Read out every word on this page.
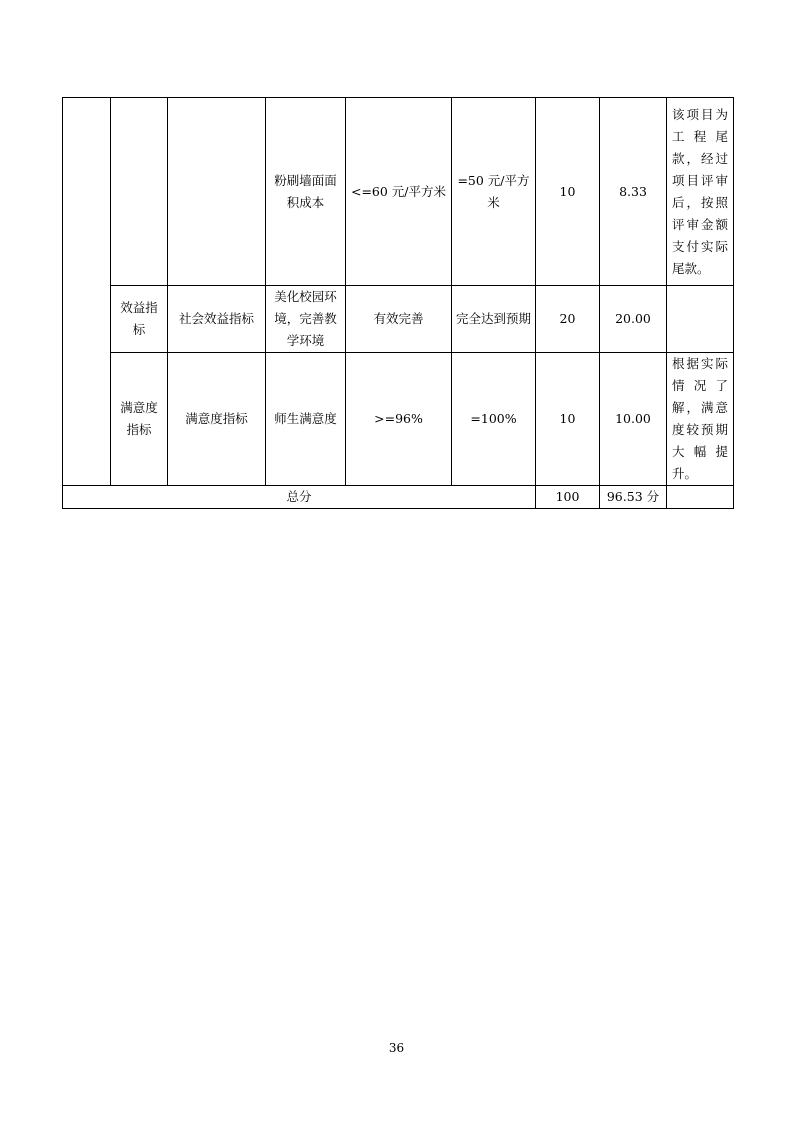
			粉刷墙面面积成本	<=60 元/平方米	=50 元/平方米	10	8.33	该项目为工程尾款，经过项目评审后，按照评审金额支付实际尾款。
	效益指标	社会效益指标	美化校园环境，完善教学环境	有效完善	完全达到预期	20	20.00	
	满意度指标	满意度指标	师生满意度	>=96%	=100%	10	10.00	根据实际情况了解，满意度较预期大幅提升。
总分						100	96.53 分	
36
